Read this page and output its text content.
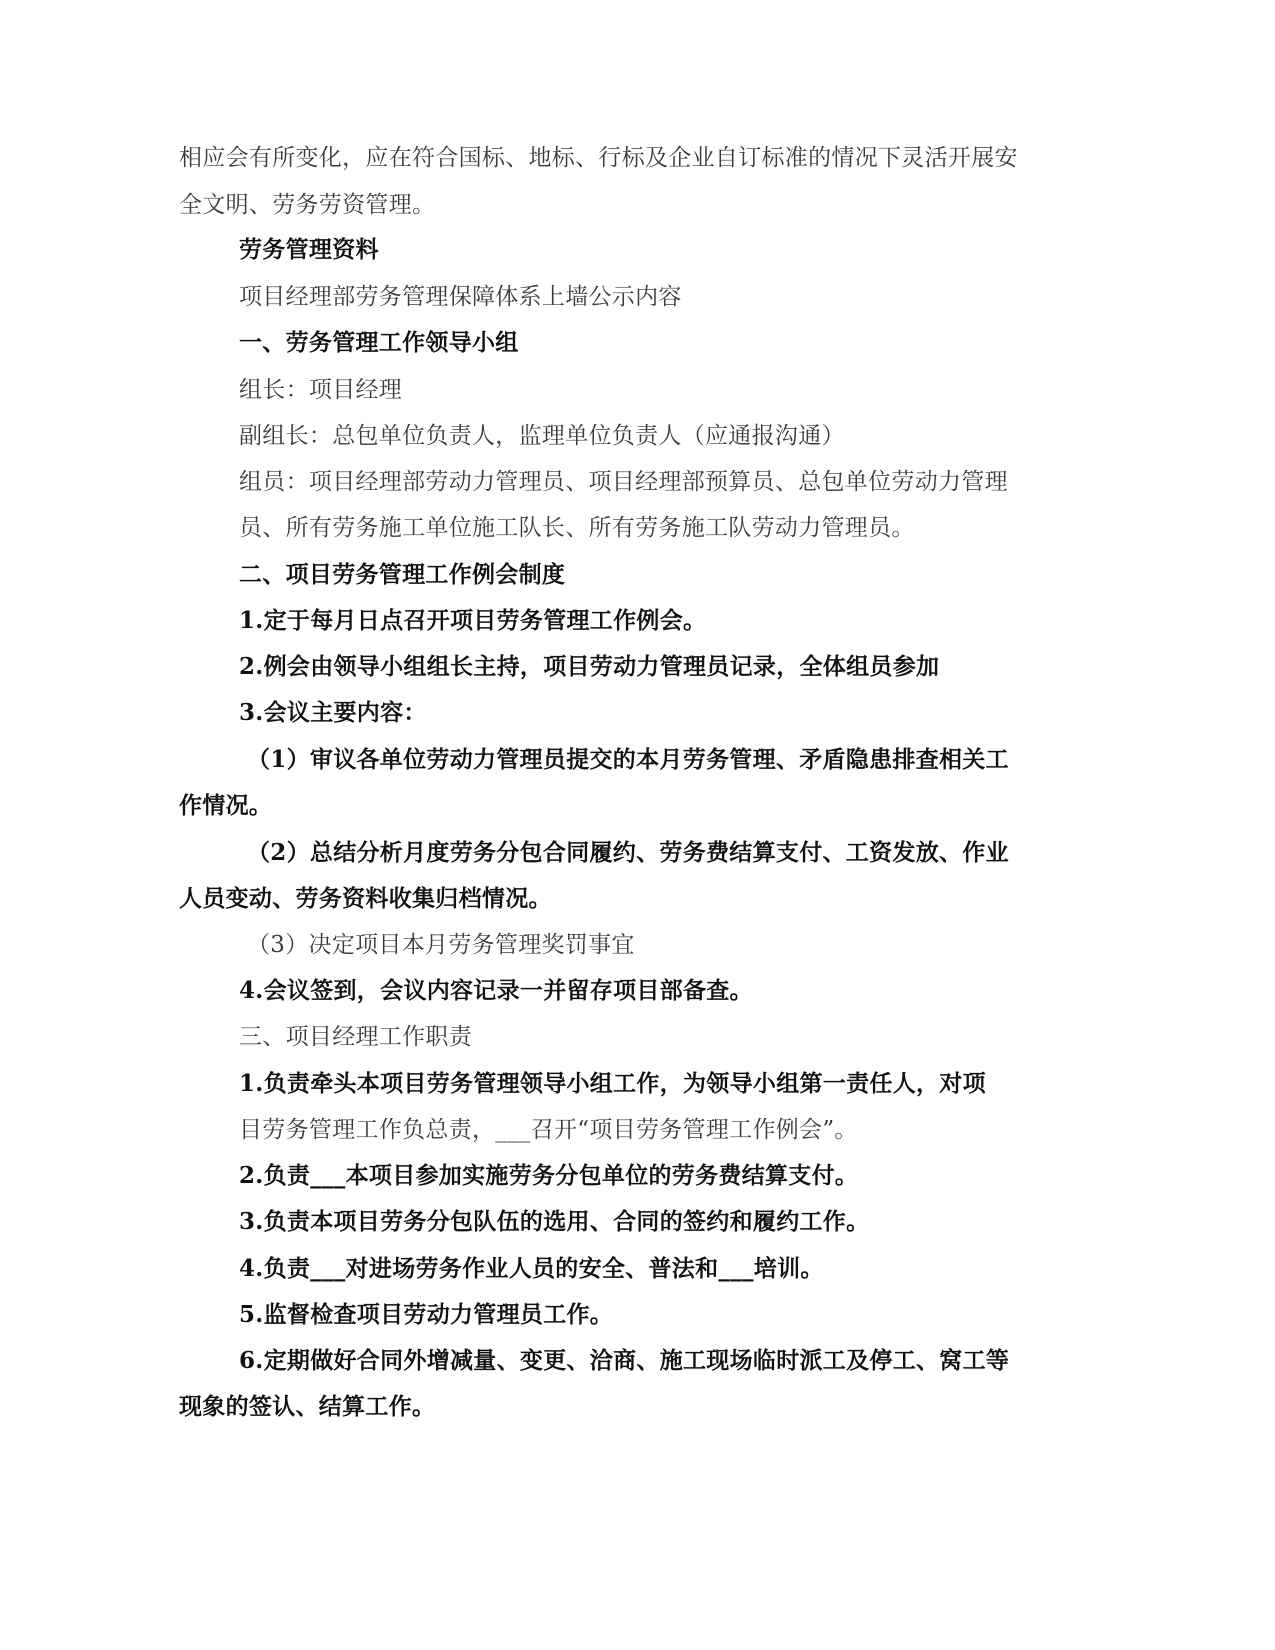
相应会有所变化，应在符合国标、地标、行标及企业自订标准的情况下灵活开展安
全文明、劳务劳资管理。
劳务管理资料
项目经理部劳务管理保障体系上墙公示内容
一、劳务管理工作领导小组
组长：项目经理
副组长：总包单位负责人，监理单位负责人（应通报沟通）
组员：项目经理部劳动力管理员、项目经理部预算员、总包单位劳动力管理
员、所有劳务施工单位施工队长、所有劳务施工队劳动力管理员。
二、项目劳务管理工作例会制度
1.定于每月日点召开项目劳务管理工作例会。
2.例会由领导小组组长主持，项目劳动力管理员记录，全体组员参加
3.会议主要内容：
（1）审议各单位劳动力管理员提交的本月劳务管理、矛盾隐患排查相关工
作情况。
（2）总结分析月度劳务分包合同履约、劳务费结算支付、工资发放、作业
人员变动、劳务资料收集归档情况。
（3）决定项目本月劳务管理奖罚事宜
4.会议签到，会议内容记录一并留存项目部备查。
三、项目经理工作职责
1.负责牵头本项目劳务管理领导小组工作，为领导小组第一责任人，对项
目劳务管理工作负总责，___召开“项目劳务管理工作例会”。
2.负责___本项目参加实施劳务分包单位的劳务费结算支付。
3.负责本项目劳务分包队伍的选用、合同的签约和履约工作。
4.负责___对进场劳务作业人员的安全、普法和___培训。
5.监督检查项目劳动力管理员工作。
6.定期做好合同外增减量、变更、洽商、施工现场临时派工及停工、窝工等
现象的签认、结算工作。
